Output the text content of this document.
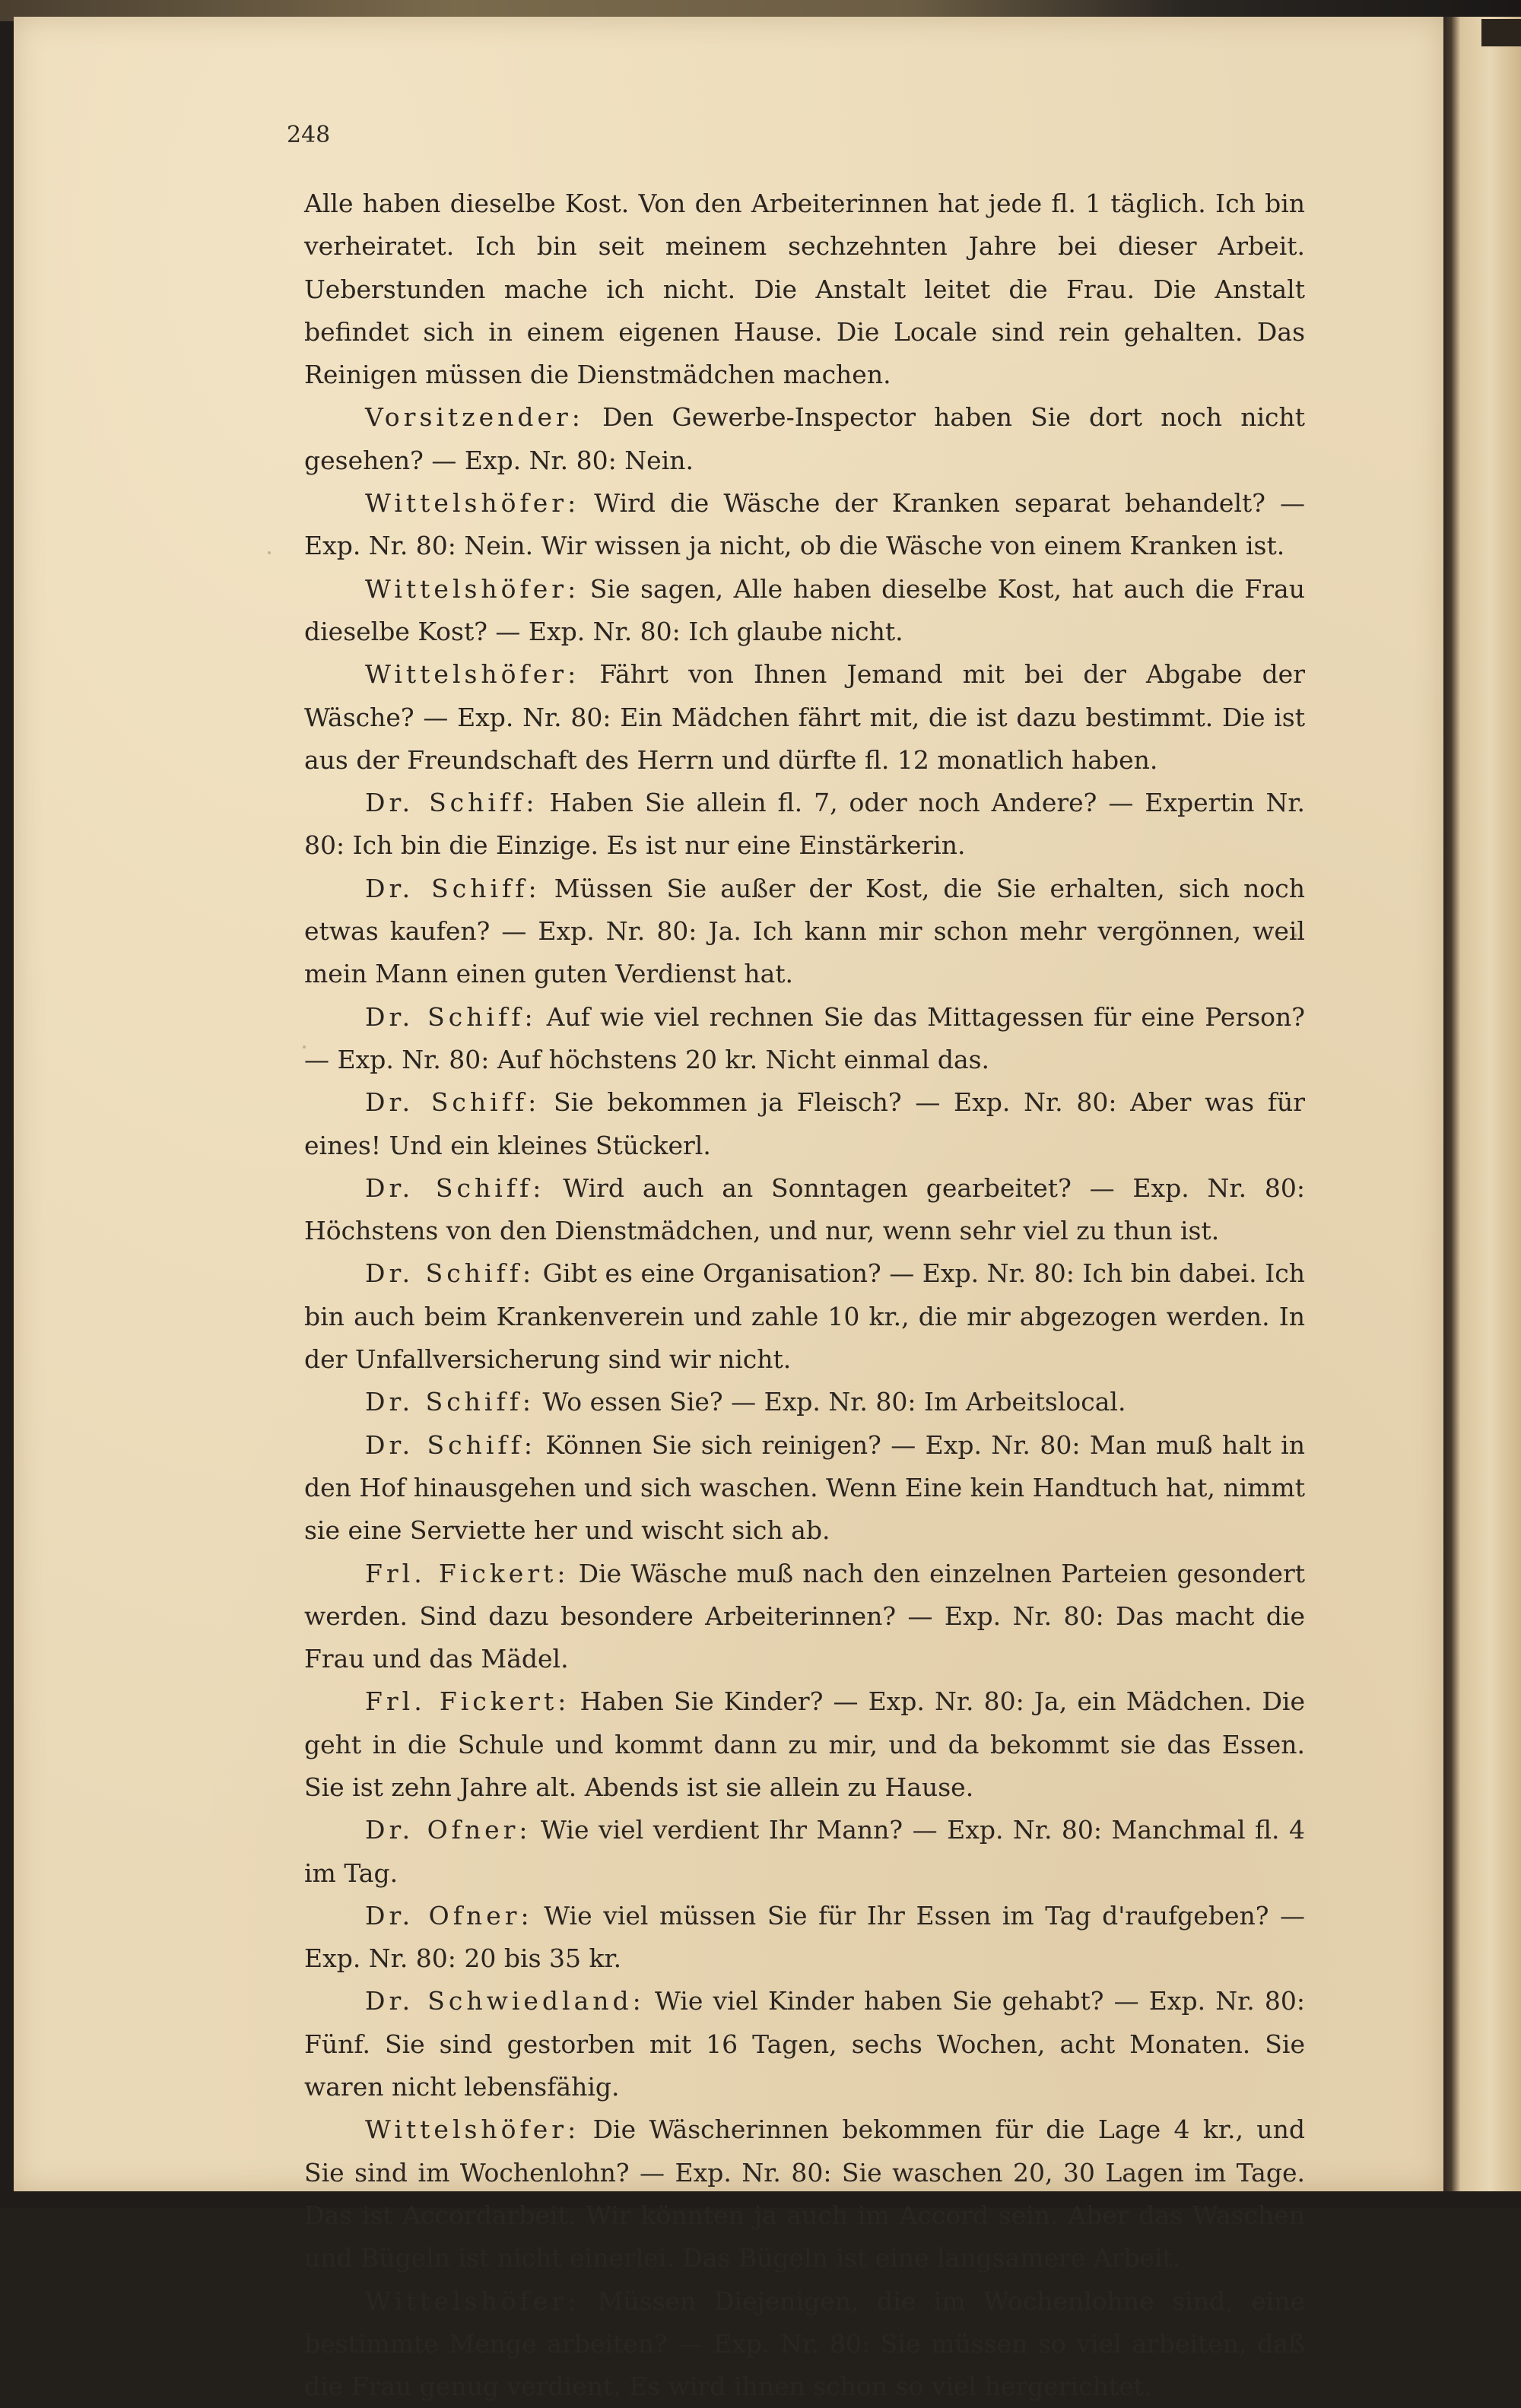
248

Alle haben dieselbe Kost. Von den Arbeiterinnen hat jede fl. 1 täglich. Ich bin verheiratet. Ich bin seit meinem sechzehnten Jahre bei dieser Arbeit. Ueberstunden mache ich nicht. Die Anstalt leitet die Frau. Die Anstalt befindet sich in einem eigenen Hause. Die Locale sind rein gehalten. Das Reinigen müssen die Dienstmädchen machen.

Vorsitzender: Den Gewerbe-Inspector haben Sie dort noch nicht gesehen? — Exp. Nr. 80: Nein.

Wittelshöfer: Wird die Wäsche der Kranken separat behandelt? — Exp. Nr. 80: Nein. Wir wissen ja nicht, ob die Wäsche von einem Kranken ist.

Wittelshöfer: Sie sagen, Alle haben dieselbe Kost, hat auch die Frau dieselbe Kost? — Exp. Nr. 80: Ich glaube nicht.

Wittelshöfer: Fährt von Ihnen Jemand mit bei der Abgabe der Wäsche? — Exp. Nr. 80: Ein Mädchen fährt mit, die ist dazu bestimmt. Die ist aus der Freundschaft des Herrn und dürfte fl. 12 monatlich haben.

Dr. Schiff: Haben Sie allein fl. 7, oder noch Andere? — Expertin Nr. 80: Ich bin die Einzige. Es ist nur eine Einstärkerin.

Dr. Schiff: Müssen Sie außer der Kost, die Sie erhalten, sich noch etwas kaufen? — Exp. Nr. 80: Ja. Ich kann mir schon mehr vergönnen, weil mein Mann einen guten Verdienst hat.

Dr. Schiff: Auf wie viel rechnen Sie das Mittagessen für eine Person? — Exp. Nr. 80: Auf höchstens 20 kr. Nicht einmal das.

Dr. Schiff: Sie bekommen ja Fleisch? — Exp. Nr. 80: Aber was für eines! Und ein kleines Stückerl.

Dr. Schiff: Wird auch an Sonntagen gearbeitet? — Exp. Nr. 80: Höchstens von den Dienstmädchen, und nur, wenn sehr viel zu thun ist.

Dr. Schiff: Gibt es eine Organisation? — Exp. Nr. 80: Ich bin dabei. Ich bin auch beim Krankenverein und zahle 10 kr., die mir abgezogen werden. In der Unfallversicherung sind wir nicht.

Dr. Schiff: Wo essen Sie? — Exp. Nr. 80: Im Arbeitslocal.

Dr. Schiff: Können Sie sich reinigen? — Exp. Nr. 80: Man muß halt in den Hof hinausgehen und sich waschen. Wenn Eine kein Handtuch hat, nimmt sie eine Serviette her und wischt sich ab.

Frl. Fickert: Die Wäsche muß nach den einzelnen Parteien gesondert werden. Sind dazu besondere Arbeiterinnen? — Exp. Nr. 80: Das macht die Frau und das Mädel.

Frl. Fickert: Haben Sie Kinder? — Exp. Nr. 80: Ja, ein Mädchen. Die geht in die Schule und kommt dann zu mir, und da bekommt sie das Essen. Sie ist zehn Jahre alt. Abends ist sie allein zu Hause.

Dr. Ofner: Wie viel verdient Ihr Mann? — Exp. Nr. 80: Manchmal fl. 4 im Tag.

Dr. Ofner: Wie viel müssen Sie für Ihr Essen im Tag d'raufgeben? — Exp. Nr. 80: 20 bis 35 kr.

Dr. Schwiedland: Wie viel Kinder haben Sie gehabt? — Exp. Nr. 80: Fünf. Sie sind gestorben mit 16 Tagen, sechs Wochen, acht Monaten. Sie waren nicht lebensfähig.

Wittelshöfer: Die Wäscherinnen bekommen für die Lage 4 kr., und Sie sind im Wochenlohn? — Exp. Nr. 80: Sie waschen 20, 30 Lagen im Tage. Das ist Accordarbeit. Wir könnten ja auch im Accord sein. Aber das Waschen und Bügeln ist nicht einerlei. Das Bügeln ist eine langsamere Arbeit.

Wittelshöfer: Müssen Diejenigen, die im Wochenlohne sind, eine bestimmte Menge arbeiten? — Exp. Nr. 80: Sie müssen so viel arbeiten, daß die Frau genug verdient. Es wird ihnen schon so viel hergerichtet.
